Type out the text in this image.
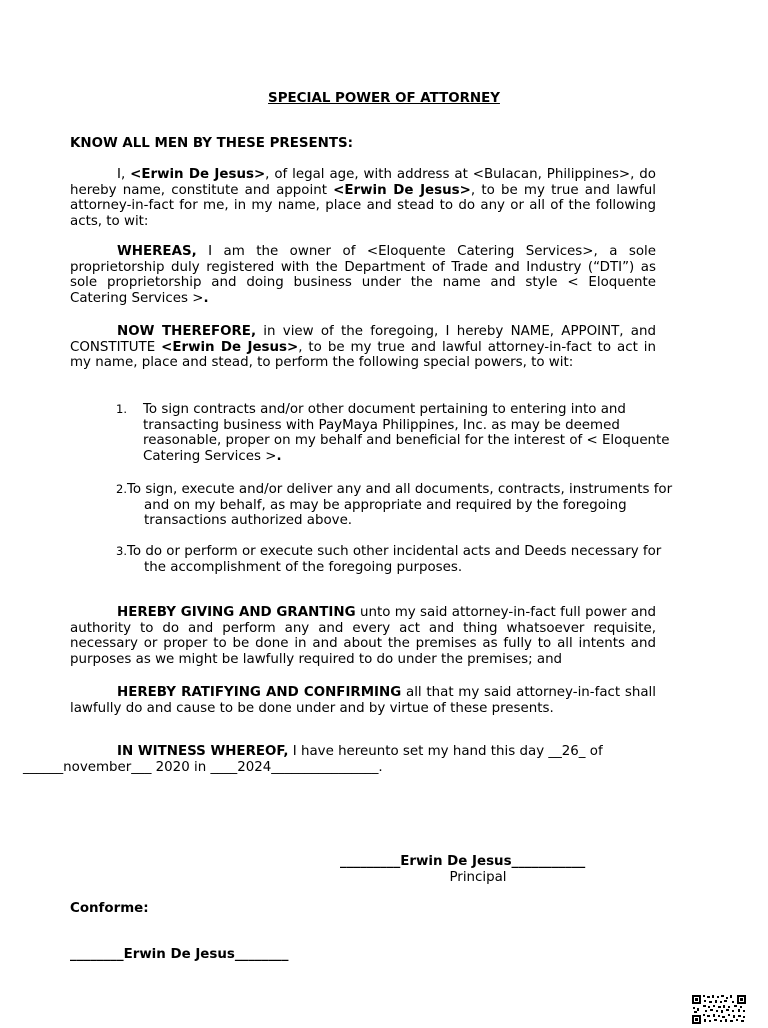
SPECIAL POWER OF ATTORNEY

KNOW ALL MEN BY THESE PRESENTS:

I, <Erwin De Jesus>, of legal age, with address at <Bulacan, Philippines>, do hereby name, constitute and appoint <Erwin De Jesus>, to be my true and lawful attorney-in-fact for me, in my name, place and stead to do any or all of the following acts, to wit:

WHEREAS, I am the owner of <Eloquente Catering Services>, a sole proprietorship duly registered with the Department of Trade and Industry (“DTI”) as sole proprietorship and doing business under the name and style < Eloquente Catering Services >.

NOW THEREFORE, in view of the foregoing, I hereby NAME, APPOINT, and CONSTITUTE <Erwin De Jesus>, to be my true and lawful attorney-in-fact to act in my name, place and stead, to perform the following special powers, to wit:

1. To sign contracts and/or other document pertaining to entering into and transacting business with PayMaya Philippines, Inc. as may be deemed reasonable, proper on my behalf and beneficial for the interest of < Eloquente Catering Services >.

2.To sign, execute and/or deliver any and all documents, contracts, instruments for and on my behalf, as may be appropriate and required by the foregoing transactions authorized above.

3.To do or perform or execute such other incidental acts and Deeds necessary for the accomplishment of the foregoing purposes.

HEREBY GIVING AND GRANTING unto my said attorney-in-fact full power and authority to do and perform any and every act and thing whatsoever requisite, necessary or proper to be done in and about the premises as fully to all intents and purposes as we might be lawfully required to do under the premises; and

HEREBY RATIFYING AND CONFIRMING all that my said attorney-in-fact shall lawfully do and cause to be done under and by virtue of these presents.

IN WITNESS WHEREOF, I have hereunto set my hand this day __26_ of
______november___ 2020 in ____2024________________.

_________Erwin De Jesus___________

Principal

Conforme:

________Erwin De Jesus________
